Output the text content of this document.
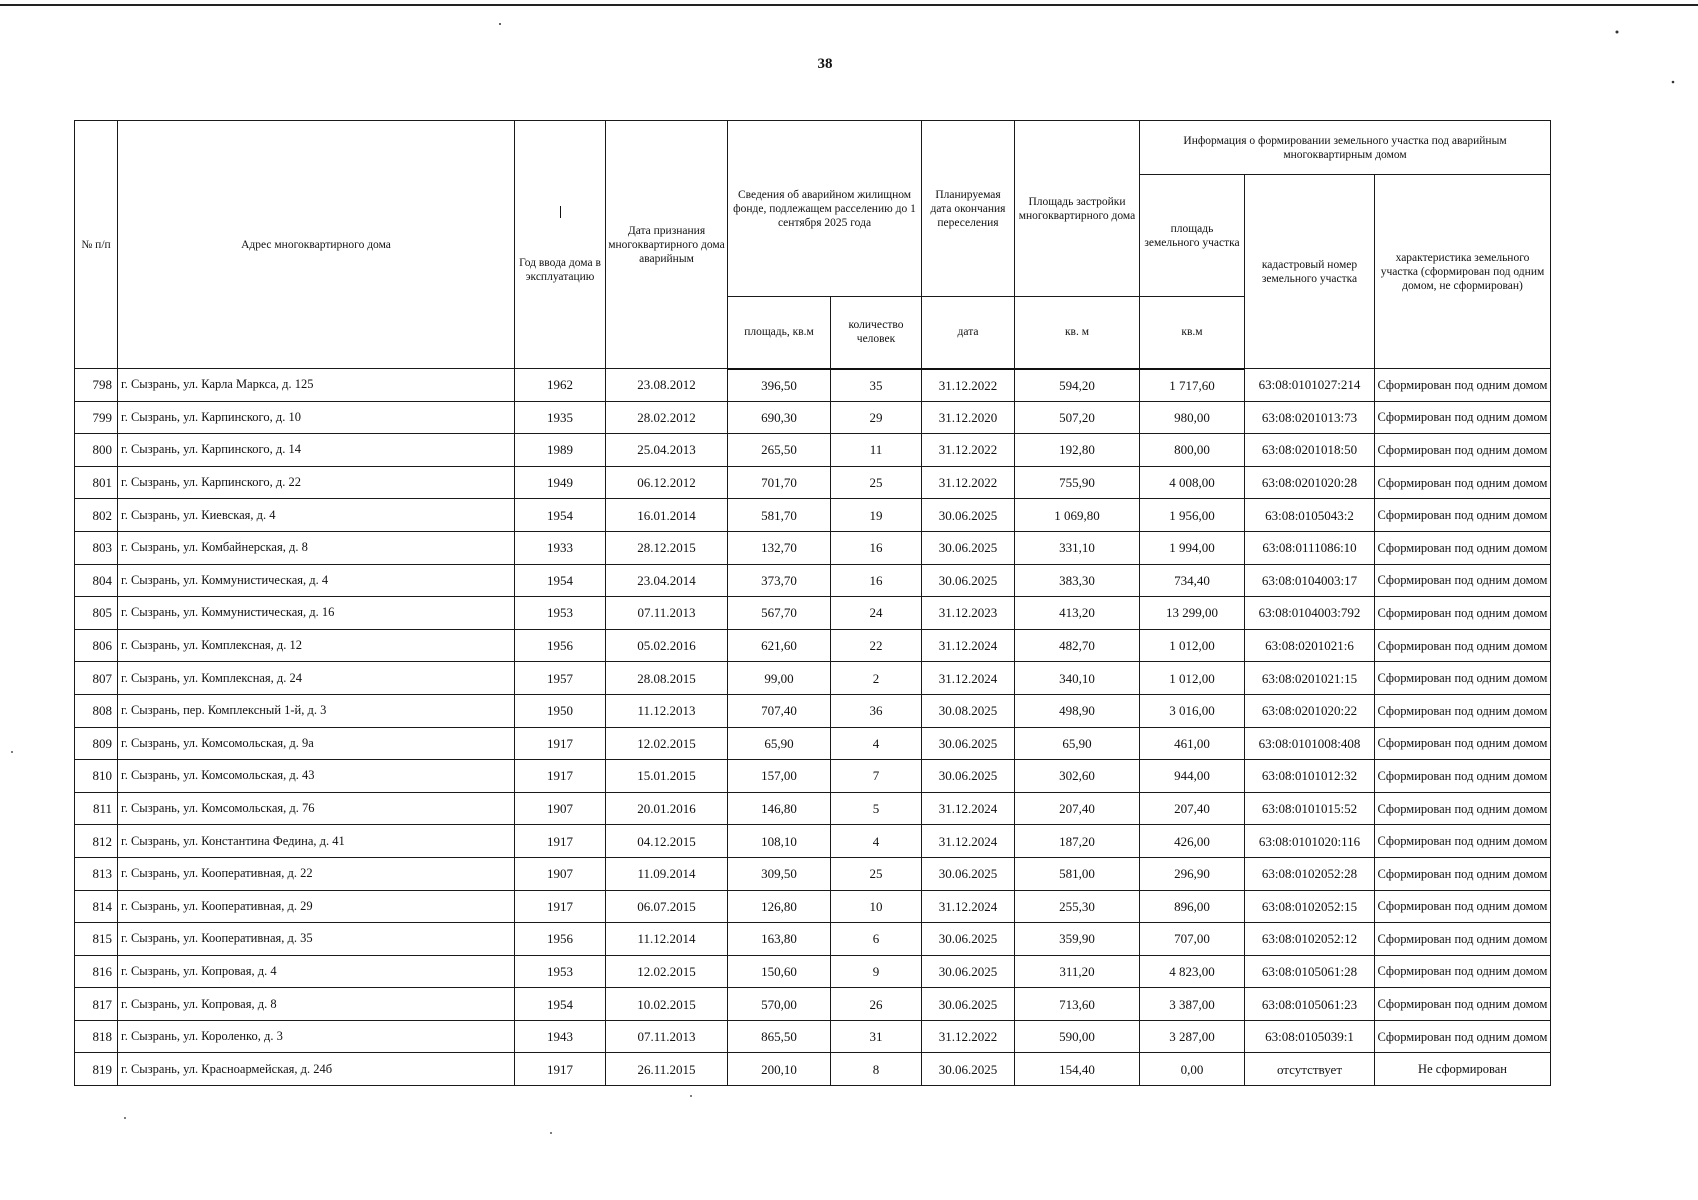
38
№ п/п	Адрес многоквартирного дома	Год ввода дома в эксплуатацию	Дата признания многоквартирного дома аварийным	Сведения об аварийном жилищном фонде, подлежащем расселению до 1 сентября 2025 года		Планируемая дата окончания переселения	Площадь застройки многоквартирного дома	Информация о формировании земельного участка под аварийным многоквартирным домом		
								площадь земельного участка	кадастровый номер земельного участка	характеристика земельного участка (сформирован под одним домом, не сформирован)
				площадь, кв.м	количество человек	дата	кв. м	кв.м		
798	г. Сызрань, ул. Карла Маркса, д. 125	1962	23.08.2012	396,50	35	31.12.2022	594,20	1 717,60	63:08:0101027:214	Сформирован под одним домом
799	г. Сызрань, ул. Карпинского, д. 10	1935	28.02.2012	690,30	29	31.12.2020	507,20	980,00	63:08:0201013:73	Сформирован под одним домом
800	г. Сызрань, ул. Карпинского, д. 14	1989	25.04.2013	265,50	11	31.12.2022	192,80	800,00	63:08:0201018:50	Сформирован под одним домом
801	г. Сызрань, ул. Карпинского, д. 22	1949	06.12.2012	701,70	25	31.12.2022	755,90	4 008,00	63:08:0201020:28	Сформирован под одним домом
802	г. Сызрань, ул. Киевская, д. 4	1954	16.01.2014	581,70	19	30.06.2025	1 069,80	1 956,00	63:08:0105043:2	Сформирован под одним домом
803	г. Сызрань, ул. Комбайнерская, д. 8	1933	28.12.2015	132,70	16	30.06.2025	331,10	1 994,00	63:08:0111086:10	Сформирован под одним домом
804	г. Сызрань, ул. Коммунистическая, д. 4	1954	23.04.2014	373,70	16	30.06.2025	383,30	734,40	63:08:0104003:17	Сформирован под одним домом
805	г. Сызрань, ул. Коммунистическая, д. 16	1953	07.11.2013	567,70	24	31.12.2023	413,20	13 299,00	63:08:0104003:792	Сформирован под одним домом
806	г. Сызрань, ул. Комплексная, д. 12	1956	05.02.2016	621,60	22	31.12.2024	482,70	1 012,00	63:08:0201021:6	Сформирован под одним домом
807	г. Сызрань, ул. Комплексная, д. 24	1957	28.08.2015	99,00	2	31.12.2024	340,10	1 012,00	63:08:0201021:15	Сформирован под одним домом
808	г. Сызрань, пер. Комплексный 1-й, д. 3	1950	11.12.2013	707,40	36	30.08.2025	498,90	3 016,00	63:08:0201020:22	Сформирован под одним домом
809	г. Сызрань, ул. Комсомольская, д. 9а	1917	12.02.2015	65,90	4	30.06.2025	65,90	461,00	63:08:0101008:408	Сформирован под одним домом
810	г. Сызрань, ул. Комсомольская, д. 43	1917	15.01.2015	157,00	7	30.06.2025	302,60	944,00	63:08:0101012:32	Сформирован под одним домом
811	г. Сызрань, ул. Комсомольская, д. 76	1907	20.01.2016	146,80	5	31.12.2024	207,40	207,40	63:08:0101015:52	Сформирован под одним домом
812	г. Сызрань, ул. Константина Федина, д. 41	1917	04.12.2015	108,10	4	31.12.2024	187,20	426,00	63:08:0101020:116	Сформирован под одним домом
813	г. Сызрань, ул. Кооперативная, д. 22	1907	11.09.2014	309,50	25	30.06.2025	581,00	296,90	63:08:0102052:28	Сформирован под одним домом
814	г. Сызрань, ул. Кооперативная, д. 29	1917	06.07.2015	126,80	10	31.12.2024	255,30	896,00	63:08:0102052:15	Сформирован под одним домом
815	г. Сызрань, ул. Кооперативная, д. 35	1956	11.12.2014	163,80	6	30.06.2025	359,90	707,00	63:08:0102052:12	Сформирован под одним домом
816	г. Сызрань, ул. Копровая, д. 4	1953	12.02.2015	150,60	9	30.06.2025	311,20	4 823,00	63:08:0105061:28	Сформирован под одним домом
817	г. Сызрань, ул. Копровая, д. 8	1954	10.02.2015	570,00	26	30.06.2025	713,60	3 387,00	63:08:0105061:23	Сформирован под одним домом
818	г. Сызрань, ул. Короленко, д. 3	1943	07.11.2013	865,50	31	31.12.2022	590,00	3 287,00	63:08:0105039:1	Сформирован под одним домом
819	г. Сызрань, ул. Красноармейская, д. 24б	1917	26.11.2015	200,10	8	30.06.2025	154,40	0,00	отсутствует	Не сформирован
